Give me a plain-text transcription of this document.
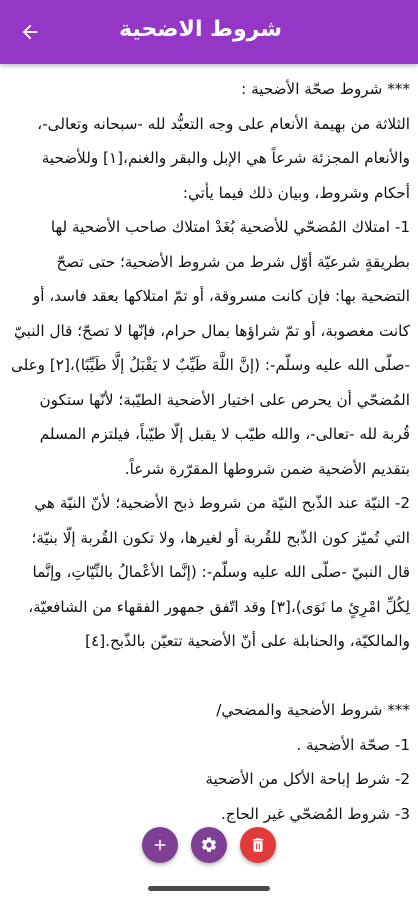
شروط الاضحية

*** شروط صحّة الأضحية :

الثلاثة من بهيمة الأنعام على وجه التعبُّد لله -سبحانه وتعالى-، والأنعام المجزئة شرعاً هي الإبل والبقر والغنم،[١] وللأضحية أحكام وشروط، وبيان ذلك فيما يأتي:

1- امتلاك المُضحّي للأضحية بُغَدْ امتلاك صاحب الأضحية لها بطريقةٍ شرعيّة أوّل شرط من شروط الأضحية؛ حتى تصحّ التضحية بها: فإن كانت مسروقة، أو تمّ امتلاكها بعقد فاسد، أو كانت مغصوبة، أو تمّ شراؤها بمال حرام، فإنّها لا تصحّ؛ قال النبيّ -صلّى الله عليه وسلّم-: (إنَّ اللَّهَ طَيِّبٌ لا يَقْبَلُ إلَّا طَيِّبًا)،[٢] وعلى المُضحّي أن يحرص على اختيار الأضحية الطيّبة؛ لأنّها ستكون قُربة لله -تعالى-، والله طيّب لا يقبل إلّا طيّباً، فيلتزم المسلم بتقديم الأضحية ضمن شروطها المقرّرة شرعاً.

2- النيّة عند الذّبح النيّة من شروط ذبح الأضحية؛ لأنّ النيّة هي التي تُميّز كون الذّبح للقُربة أو لغيرها، ولا تكون القُربة إلّا بنيّة؛ قال النبيّ -صلّى الله عليه وسلّم-: (إنَّما الأعْمالُ بالنِّيّاتِ، وإنَّما لِكُلِّ امْرِئٍ ما نَوَى)،[٣] وقد اتّفق جمهور الفقهاء من الشافعيّة، والمالكيّة، والحنابلة على أنّ الأضحية تتعيّن بالذّبح.[٤]

*** شروط الأضحية والمضحي/

1- صحّة الأضحية .

2- شرط إباحة الأكل من الأضحية

3- شروط المُضحّي غير الحاج.
